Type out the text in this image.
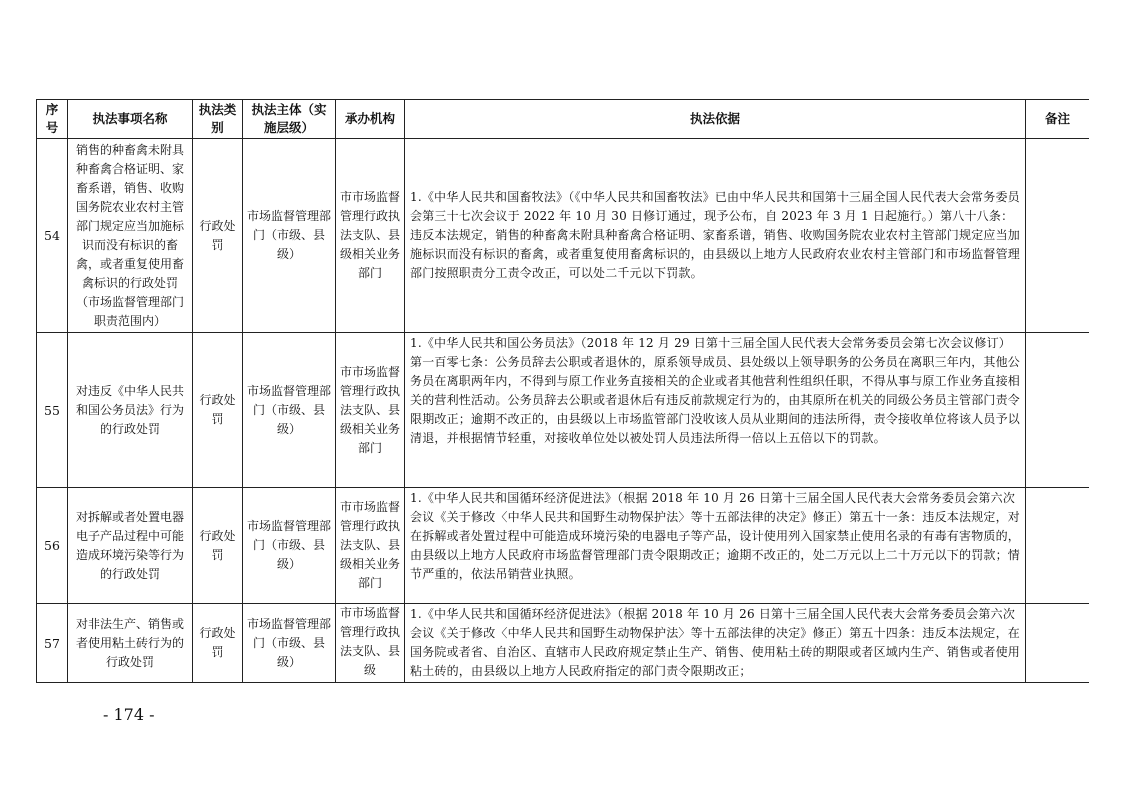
序号	执法事项名称	执法类别	执法主体（实施层级）	承办机构	执法依据	备注
54	销售的种畜禽未附具种畜禽合格证明、家畜系谱，销售、收购国务院农业农村主管部门规定应当加施标识而没有标识的畜禽，或者重复使用畜禽标识的行政处罚（市场监督管理部门职责范围内）	行政处罚	市场监督管理部门（市级、县级）	市市场监督管理行政执法支队、县级相关业务部门	1.《中华人民共和国畜牧法》（《中华人民共和国畜牧法》已由中华人民共和国第十三届全国人民代表大会常务委员会第三十七次会议于 2022 年 10 月 30 日修订通过，现予公布，自 2023 年 3 月 1 日起施行。）第八十八条：违反本法规定，销售的种畜禽未附具种畜禽合格证明、家畜系谱，销售、收购国务院农业农村主管部门规定应当加施标识而没有标识的畜禽，或者重复使用畜禽标识的，由县级以上地方人民政府农业农村主管部门和市场监督管理部门按照职责分工责令改正，可以处二千元以下罚款。	
55	对违反《中华人民共和国公务员法》行为的行政处罚	行政处罚	市场监督管理部门（市级、县级）	市市场监督管理行政执法支队、县级相关业务部门	1.《中华人民共和国公务员法》（2018 年 12 月 29 日第十三届全国人民代表大会常务委员会第七次会议修订）第一百零七条：公务员辞去公职或者退休的，原系领导成员、县处级以上领导职务的公务员在离职三年内，其他公务员在离职两年内，不得到与原工作业务直接相关的企业或者其他营利性组织任职，不得从事与原工作业务直接相关的营利性活动。公务员辞去公职或者退休后有违反前款规定行为的，由其原所在机关的同级公务员主管部门责令限期改正；逾期不改正的，由县级以上市场监管部门没收该人员从业期间的违法所得，责令接收单位将该人员予以清退，并根据情节轻重，对接收单位处以被处罚人员违法所得一倍以上五倍以下的罚款。	
56	对拆解或者处置电器电子产品过程中可能造成环境污染等行为的行政处罚	行政处罚	市场监督管理部门（市级、县级）	市市场监督管理行政执法支队、县级相关业务部门	1.《中华人民共和国循环经济促进法》（根据 2018 年 10 月 26 日第十三届全国人民代表大会常务委员会第六次会议《关于修改〈中华人民共和国野生动物保护法〉等十五部法律的决定》修正）第五十一条：违反本法规定，对在拆解或者处置过程中可能造成环境污染的电器电子等产品，设计使用列入国家禁止使用名录的有毒有害物质的，由县级以上地方人民政府市场监督管理部门责令限期改正；逾期不改正的，处二万元以上二十万元以下的罚款；情节严重的，依法吊销营业执照。	
57	对非法生产、销售或者使用粘土砖行为的行政处罚	行政处罚	市场监督管理部门（市级、县级）	市市场监督管理行政执法支队、县级	1.《中华人民共和国循环经济促进法》（根据 2018 年 10 月 26 日第十三届全国人民代表大会常务委员会第六次会议《关于修改〈中华人民共和国野生动物保护法〉等十五部法律的决定》修正）第五十四条：违反本法规定，在国务院或者省、自治区、直辖市人民政府规定禁止生产、销售、使用粘土砖的期限或者区域内生产、销售或者使用粘土砖的，由县级以上地方人民政府指定的部门责令限期改正；	
- 174 -
